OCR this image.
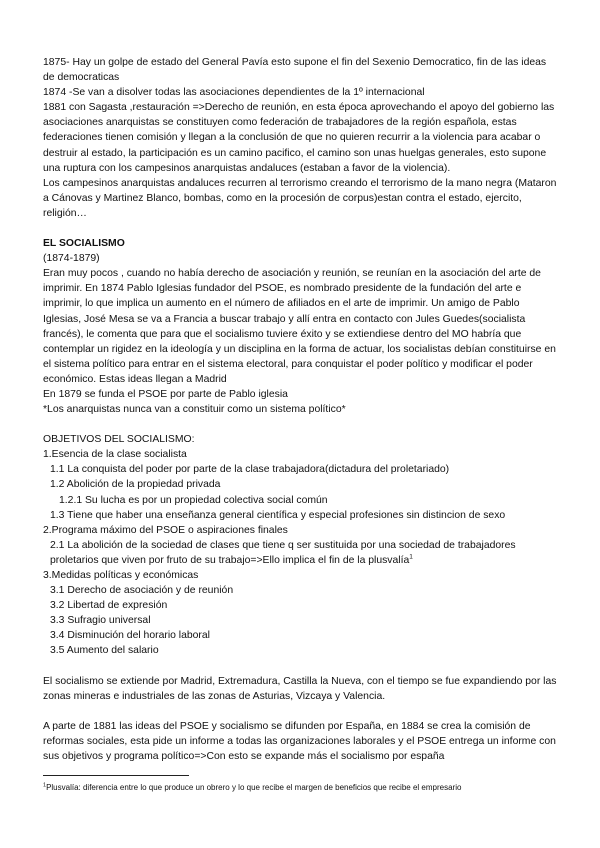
1875- Hay un golpe de estado del General Pavía esto supone el fin del Sexenio Democratico, fin de las ideas de democraticas

1874 -Se van a disolver todas las asociaciones dependientes de la 1º internacional

1881 con Sagasta ,restauración =>Derecho de reunión, en esta época aprovechando el apoyo del gobierno las asociaciones anarquistas se constituyen como federación de trabajadores de la región española, estas federaciones tienen comisión y llegan a la conclusión de que no quieren recurrir a la violencia para acabar o destruir al estado, la participación es un camino pacifico, el camino son unas huelgas generales, esto supone una ruptura con los campesinos anarquistas andaluces (estaban a favor de la violencia).

Los campesinos anarquistas andaluces recurren al terrorismo creando el terrorismo de la mano negra (Mataron a Cánovas y Martinez Blanco, bombas, como en la procesión de corpus)estan contra el estado, ejercito, religión…

EL SOCIALISMO

(1874-1879)

Eran muy pocos , cuando no había derecho de asociación y reunión, se reunían en la asociación del arte de imprimir. En 1874 Pablo Iglesias fundador del PSOE, es nombrado presidente de la fundación del arte e imprimir, lo que implica un aumento en el número de afiliados en el arte de imprimir. Un amigo de Pablo Iglesias, José Mesa se va a Francia a buscar trabajo y allí entra en contacto con Jules Guedes(socialista francés), le comenta que para que el socialismo tuviere éxito y se extiendiese dentro del MO habría que contemplar un rigidez en la ideología y un disciplina en la forma de actuar, los socialistas debían constituirse en el sistema político para entrar en el sistema electoral, para conquistar el poder político y modificar el poder económico. Estas ideas llegan a Madrid

En 1879 se funda el PSOE por parte de Pablo iglesia

*Los anarquistas nunca van a constituir como un sistema político*

OBJETIVOS DEL SOCIALISMO:

1.Esencia de la clase socialista

1.1 La conquista del poder por parte de la clase trabajadora(dictadura del proletariado)

1.2 Abolición de la propiedad privada

1.2.1 Su lucha es por un propiedad colectiva social común

1.3 Tiene que haber una enseñanza general científica y especial profesiones sin distincion de sexo

2.Programa máximo del PSOE o aspiraciones finales

2.1 La abolición de la sociedad de clases que tiene q ser sustituida por una sociedad de trabajadores proletarios que viven por fruto de su trabajo=>Ello implica el fin de la plusvalía$^1$

3.Medidas políticas y económicas

3.1 Derecho de asociación y de reunión

3.2 Libertad de expresión

3.3 Sufragio universal

3.4 Disminución del horario laboral

3.5 Aumento del salario

El socialismo se extiende por Madrid, Extremadura, Castilla la Nueva, con el tiempo se fue expandiendo por las zonas mineras e industriales de las zonas de Asturias, Vizcaya y Valencia.

A parte de 1881 las ideas del PSOE y socialismo se difunden por España, en 1884 se crea la comisión de reformas sociales, esta pide un informe a todas las organizaciones laborales y el PSOE entrega un informe con sus objetivos y programa político=>Con esto se expande más el socialismo por españa

$^1$Plusvalía: diferencia entre lo que produce un obrero y lo que recibe el margen de beneficios que recibe el empresario
